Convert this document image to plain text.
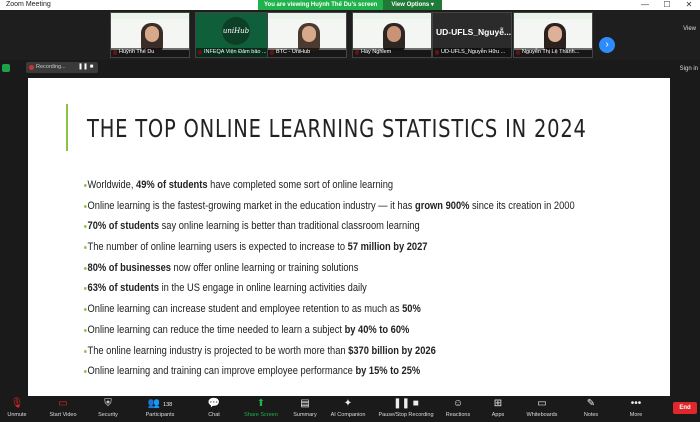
Zoom Meeting	You are viewing Huỳnh Thế Du's screen	View Options ▾	—	☐	✕
Huỳnh Thế Du
uniHub
INFEQA Viện Đảm bảo ...	BTC - UniHub	Hay Nghiem
UD-UFLS_Nguyễ...
UD-UFLS_Nguyễn Hữu ...	Nguyễn Thị Lệ Thanh...
›
View
Recording... ❚❚ ■	Sign in
THE TOP ONLINE LEARNING STATISTICS IN 2024
Worldwide, 49% of students have completed some sort of online learning
Online learning is the fastest-growing market in the education industry — it has grown 900% since its creation in 2000
70% of students say online learning is better than traditional classroom learning
The number of online learning users is expected to increase to 57 million by 2027
80% of businesses now offer online learning or training solutions
63% of students in the US engage in online learning activities daily
Online learning can increase student and employee retention to as much as 50%
Online learning can reduce the time needed to learn a subject by 40% to 60%
The online learning industry is projected to be worth more than $370 billion by 2026
Online learning and training can improve employee performance by 15% to 25%
🎙
Unmute
▭
Start Video
⛨
Security
👥 138
Participants
💬
Chat
⬆
Share Screen
▤
Summary
✦
AI Companion
❚❚ ■
Pause/Stop Recording
☺
Reactions
⊞
Apps
▭
Whiteboards
✎
Notes
•••
More
End
